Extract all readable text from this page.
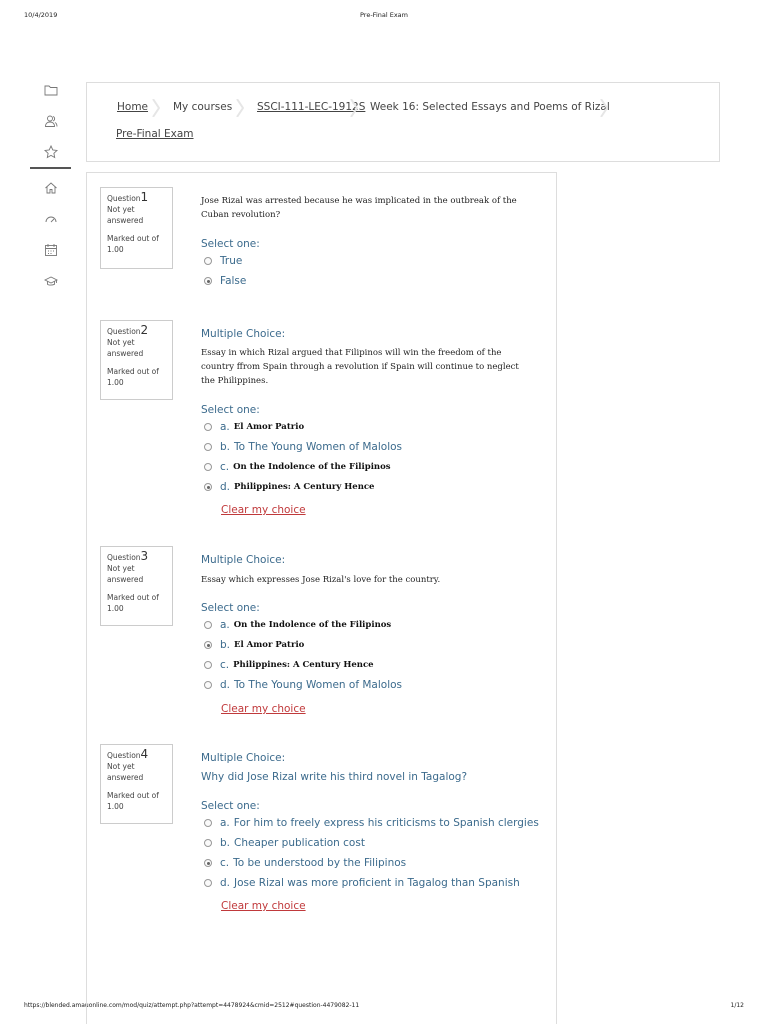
10/4/2019	Pre-Final Exam
https://blended.amauonline.com/mod/quiz/attempt.php?attempt=4478924&cmid=2512#question-4479082-11	1/12
Home My courses SSCI-111-LEC-1912S Week 16: Selected Essays and Poems of Rizal
Pre-Final Exam
Question1
Not yet answered
Marked out of 1.00
Jose Rizal was arrested because he was implicated in the outbreak of the Cuban revolution?
Select one:
True
False
Question2
Not yet answered
Marked out of 1.00
Multiple Choice:
Essay in which Rizal argued that Filipinos will win the freedom of the country ffrom Spain through a revolution if Spain will continue to neglect the Philippines.
Select one:
a. El Amor Patrio
b. To The Young Women of Malolos
c. On the Indolence of the Filipinos
d. Philippines: A Century Hence
Clear my choice
Question3
Not yet answered
Marked out of 1.00
Multiple Choice:
Essay which expresses Jose Rizal's love for the country.
Select one:
a. On the Indolence of the Filipinos
b. El Amor Patrio
c. Philippines: A Century Hence
d. To The Young Women of Malolos
Clear my choice
Question4
Not yet answered
Marked out of 1.00
Multiple Choice:
Why did Jose Rizal write his third novel in Tagalog?
Select one:
a. For him to freely express his criticisms to Spanish clergies
b. Cheaper publication cost
c. To be understood by the Filipinos
d. Jose Rizal was more proficient in Tagalog than Spanish
Clear my choice
